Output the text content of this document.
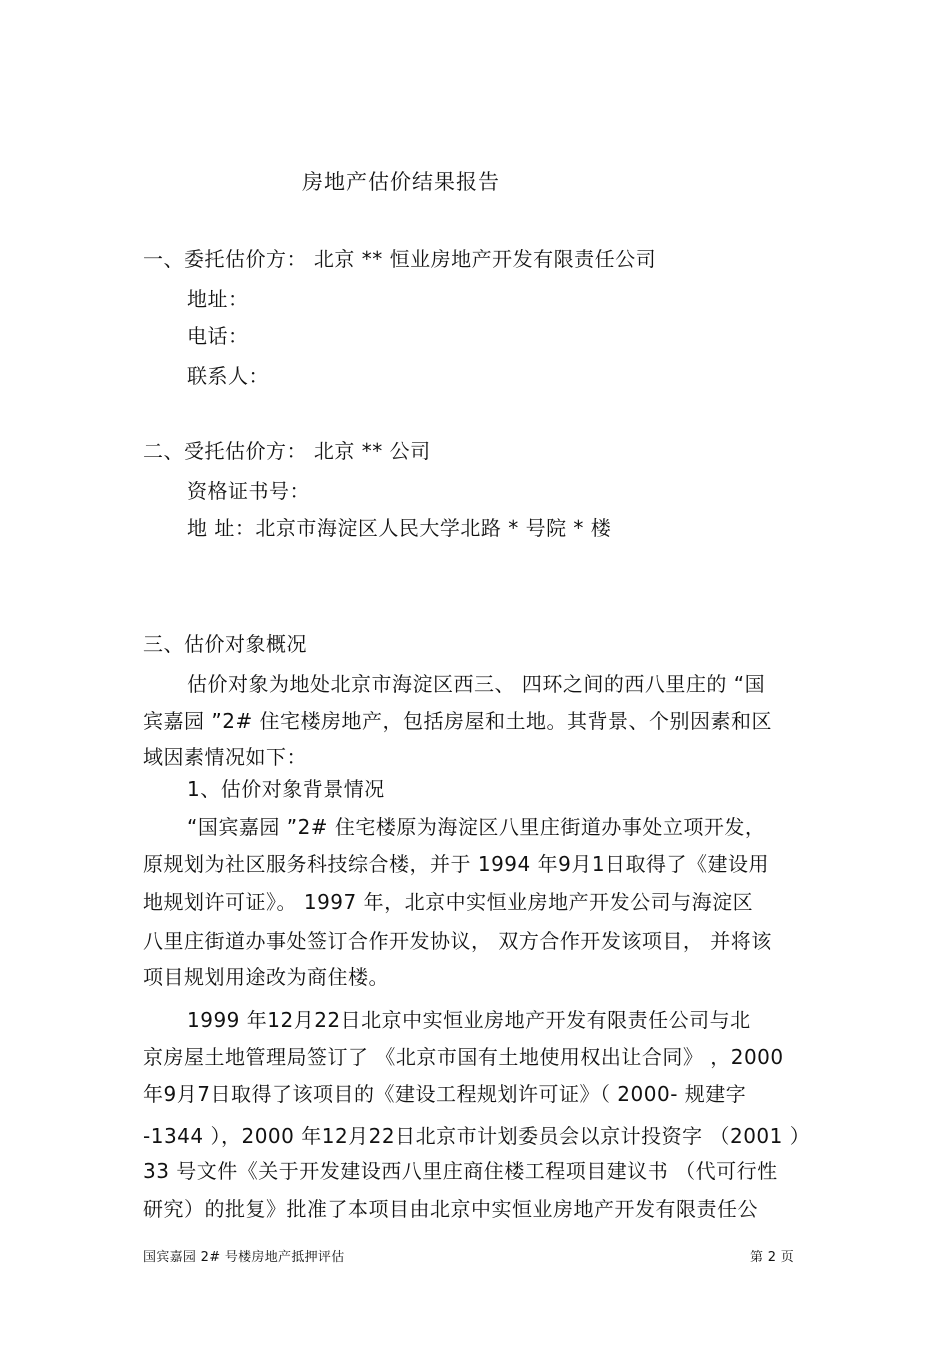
房地产估价结果报告
一、委托估价方： 北京 ** 恒业房地产开发有限责任公司
地址：
电话：
联系人：
二、受托估价方： 北京 ** 公司
资格证书号：
地 址：北京市海淀区人民大学北路 * 号院 * 楼
三、估价对象概况
估价对象为地处北京市海淀区西三、 四环之间的西八里庄的 “国
宾嘉园 ”2# 住宅楼房地产，包括房屋和土地。其背景、个别因素和区
域因素情况如下：
1、估价对象背景情况
“国宾嘉园 ”2# 住宅楼原为海淀区八里庄街道办事处立项开发，
原规划为社区服务科技综合楼，并于 1994 年9月1日取得了《建设用
地规划许可证》。 1997 年，北京中实恒业房地产开发公司与海淀区
八里庄街道办事处签订合作开发协议， 双方合作开发该项目， 并将该
项目规划用途改为商住楼。
1999 年12月22日北京中实恒业房地产开发有限责任公司与北
京房屋土地管理局签订了 《北京市国有土地使用权出让合同》 ，2000
年9月7日取得了该项目的《建设工程规划许可证》（ 2000- 规建字
-1344 ），2000 年12月22日北京市计划委员会以京计投资字 （2001 ）
33 号文件《关于开发建设西八里庄商住楼工程项目建议书 （代可行性
研究）的批复》批准了本项目由北京中实恒业房地产开发有限责任公
国宾嘉园 2# 号楼房地产抵押评估	第 2 页
